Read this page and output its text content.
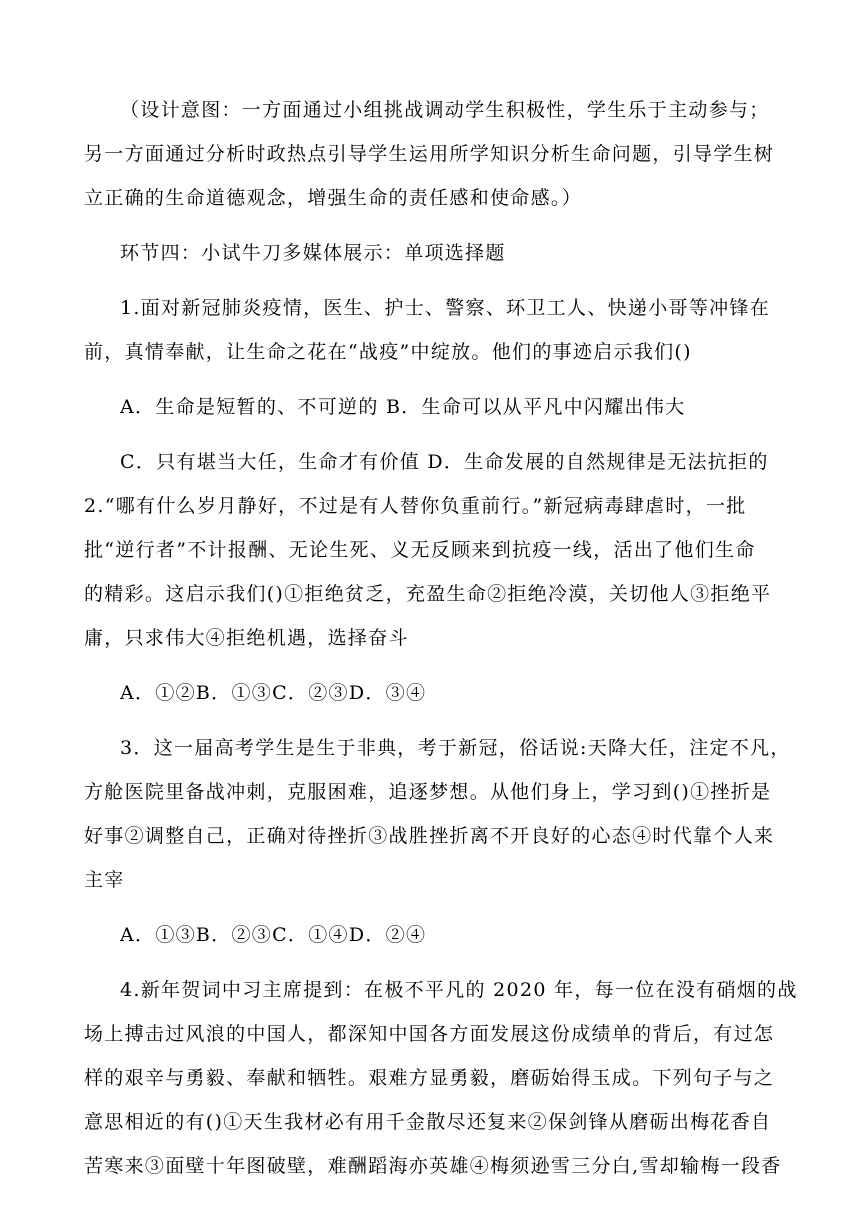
（设计意图：一方面通过小组挑战调动学生积极性，学生乐于主动参与；
另一方面通过分析时政热点引导学生运用所学知识分析生命问题，引导学生树
立正确的生命道德观念，增强生命的责任感和使命感。）
环节四：小试牛刀多媒体展示：单项选择题
1.面对新冠肺炎疫情，医生、护士、警察、环卫工人、快递小哥等冲锋在
前，真情奉献，让生命之花在“战疫”中绽放。他们的事迹启示我们()
A．生命是短暂的、不可逆的 B．生命可以从平凡中闪耀出伟大
C．只有堪当大任，生命才有价值 D．生命发展的自然规律是无法抗拒的
2.“哪有什么岁月静好，不过是有人替你负重前行。”新冠病毒肆虐时，一批
批“逆行者”不计报酬、无论生死、义无反顾来到抗疫一线，活出了他们生命
的精彩。这启示我们()①拒绝贫乏，充盈生命②拒绝冷漠，关切他人③拒绝平
庸，只求伟大④拒绝机遇，选择奋斗
A．①②B．①③C．②③D．③④
3．这一届高考学生是生于非典，考于新冠，俗话说:天降大任，注定不凡，
方舱医院里备战冲刺，克服困难，追逐梦想。从他们身上，学习到()①挫折是
好事②调整自己，正确对待挫折③战胜挫折离不开良好的心态④时代靠个人来
主宰
A．①③B．②③C．①④D．②④
4.新年贺词中习主席提到：在极不平凡的 2020 年，每一位在没有硝烟的战
场上搏击过风浪的中国人，都深知中国各方面发展这份成绩单的背后，有过怎
样的艰辛与勇毅、奉献和牺牲。艰难方显勇毅，磨砺始得玉成。下列句子与之
意思相近的有()①天生我材必有用千金散尽还复来②保剑锋从磨砺出梅花香自
苦寒来③面壁十年图破壁，难酬蹈海亦英雄④梅须逊雪三分白,雪却输梅一段香
